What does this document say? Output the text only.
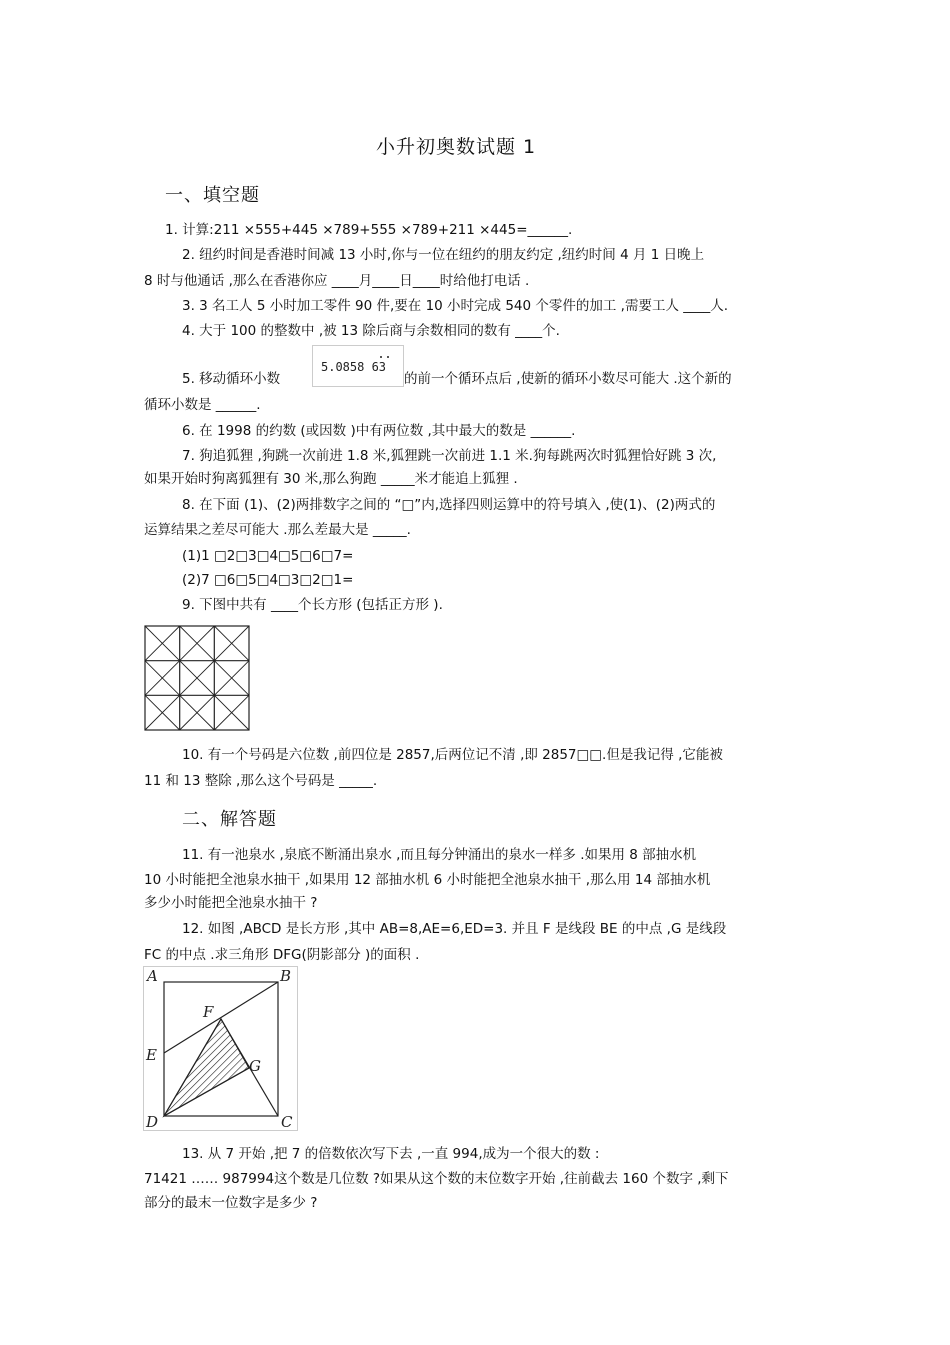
小升初奥数试题 1
一、填空题
1. 计算:211 ×555+445 ×789+555 ×789+211 ×445=______.
2. 纽约时间是香港时间减 13 小时,你与一位在纽约的朋友约定 ,纽约时间 4 月 1 日晚上
8 时与他通话 ,那么在香港你应 ____月____日____时给他打电话 .
3. 3 名工人 5 小时加工零件 90 件,要在 10 小时完成 540 个零件的加工 ,需要工人 ____人.
4. 大于 100 的整数中 ,被 13 除后商与余数相同的数有 ____个.
5. 移动循环小数
5.0858 63
的前一个循环点后 ,使新的循环小数尽可能大 .这个新的
循环小数是 ______.
6. 在 1998 的约数 (或因数 )中有两位数 ,其中最大的数是 ______.
7. 狗追狐狸 ,狗跳一次前进 1.8 米,狐狸跳一次前进 1.1 米.狗每跳两次时狐狸恰好跳 3 次,
如果开始时狗离狐狸有 30 米,那么狗跑 _____米才能追上狐狸 .
8. 在下面 (1)、(2)两排数字之间的 “□”内,选择四则运算中的符号填入 ,使(1)、(2)两式的
运算结果之差尽可能大 .那么差最大是 _____.
(1)1 □2□3□4□5□6□7=
(2)7 □6□5□4□3□2□1=
9. 下图中共有 ____个长方形 (包括正方形 ).
10. 有一个号码是六位数 ,前四位是 2857,后两位记不清 ,即 2857□□.但是我记得 ,它能被
11 和 13 整除 ,那么这个号码是 _____.
二、解答题
11. 有一池泉水 ,泉底不断涌出泉水 ,而且每分钟涌出的泉水一样多 .如果用 8 部抽水机
10 小时能把全池泉水抽干 ,如果用 12 部抽水机 6 小时能把全池泉水抽干 ,那么用 14 部抽水机
多少小时能把全池泉水抽干 ?
12. 如图 ,ABCD 是长方形 ,其中 AB=8,AE=6,ED=3. 并且 F 是线段 BE 的中点 ,G 是线段
FC 的中点 .求三角形 DFG(阴影部分 )的面积 .
A	B
C
D
E
F
G
13. 从 7 开始 ,把 7 的倍数依次写下去 ,一直 994,成为一个很大的数 :
71421 …… 987994这个数是几位数 ?如果从这个数的末位数字开始 ,往前截去 160 个数字 ,剩下
部分的最末一位数字是多少 ?
